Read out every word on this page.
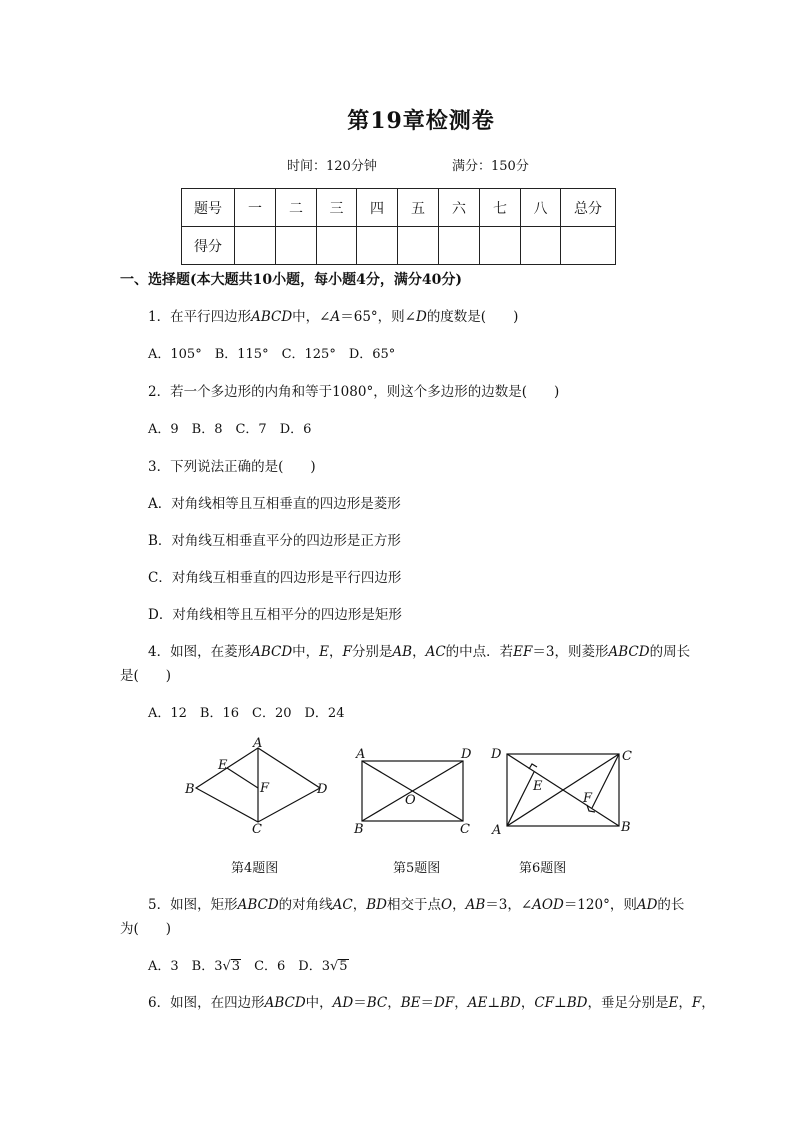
第19章检测卷
时间：120分钟	满分：150分
题号	一	二	三	四	五	六	七	八	总分
得分									
一、选择题(本大题共10小题，每小题4分，满分40分)
1．在平行四边形ABCD中，∠A＝65°，则∠D的度数是(　　)
A．105°　B．115°　C．125°　D．65°
2．若一个多边形的内角和等于1080°，则这个多边形的边数是(　　)
A．9　B．8　C．7　D．6
3．下列说法正确的是(　　)
A．对角线相等且互相垂直的四边形是菱形
B．对角线互相垂直平分的四边形是正方形
C．对角线互相垂直的四边形是平行四边形
D．对角线相等且互相平分的四边形是矩形
4．如图，在菱形ABCD中，E，F分别是AB，AC的中点．若EF＝3，则菱形ABCD的周长
是(　　)
A．12　B．16　C．20　D．24
A
B
C
D
E
F
第4题图
A	D
B	C
O
第5题图
D	C
A	B
E
F
第6题图
5．如图，矩形ABCD的对角线AC，BD相交于点O，AB＝3，∠AOD＝120°，则AD的长
为(　　)
A．3　B．3√3　C．6　D．3√5
6．如图，在四边形ABCD中，AD＝BC，BE＝DF，AE⊥BD，CF⊥BD，垂足分别是E，F，
